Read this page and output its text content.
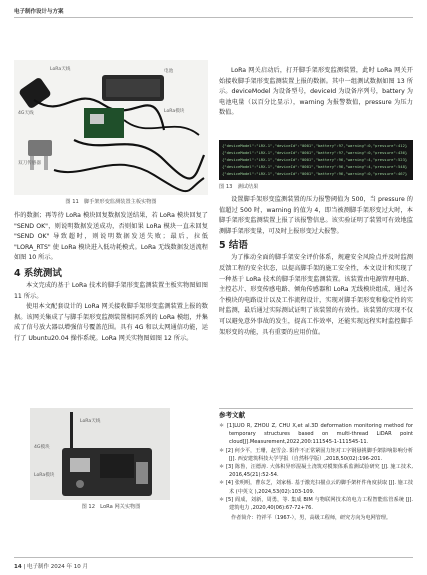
电子制作设计与方案
LoRa天线
4G天线
电池
LoRa模块
双刀传感器
图 11　脚手架形变监测装置主板实物图

作的数据；再等待 LoRa 模块回复数据发送结果，若 LoRa 模块回复了 "SEND OK"，则说明数据发送成功，否则如果 LoRa 模块一直未回复 "SEND OK" 导致超时，则说明数据发送失败；最后，拉低 "LORA_RTS" 使 LoRa 模块进入低功耗模式。LoRa 无线数据发送流程如图 10 所示。

4 系统测试

本文完成的基于 LoRa 技术的脚手架形变监测装置主板实物图如图 11 所示。

使用本文配套设计的 LoRa 网关接收脚手架形变监测装置上报的数据。该网关集成了与脚手架形变监测装置相同系列的 LoRa 模组，并集成了信号放大器以增强信号覆盖范围。具有 4G 和以太网通信功能，运行了 Ubuntu20.04 操作系统。LoRa 网关实物图如图 12 所示。

LoRa天线
4G模块
LoRa模块
图 12　LoRa 网关实物图

LoRa 网关启动后，打开脚手架形变监测装置，此时 LoRa 网关开始接收脚手架形变监测装置上报的数据。其中一组测试数据如图 13 所示。deviceModel 为设备型号，deviceId 为设备序列号，battery 为电池电量（以百分比显示），warning 为报警数值，pressure 为压力数值。

{"deviceModel":"LRX-1","deviceId":"0001","battery":97,"warning":0,"pressure":412}
{"deviceModel":"LRX-1","deviceId":"0001","battery":97,"warning":0,"pressure":436}
{"deviceModel":"LRX-1","deviceId":"0001","battery":96,"warning":4,"pressure":523}
{"deviceModel":"LRX-1","deviceId":"0001","battery":96,"warning":4,"pressure":548}
{"deviceModel":"LRX-1","deviceId":"0001","battery":96,"warning":0,"pressure":467}
图 13　测试结果

设置脚手架形变监测装置的压力报警阈值为 500，当 pressure 的值超过 500 时，warning 的值为 4，即当被测脚手架形变过大时，本脚手架形变监测装置上报了该报警信息。该实验证明了装置可有效地监测脚手架形变量，可及时上报形变过大报警。

5 结语

为了推动全面的脚手架安全评价体系，规避安全风险点并及时监测反馈工程的安全状态，以提高脚手架的施工安全性，本文设计和实现了一种基于 LoRa 技术的脚手架形变监测装置。该装置由电源管理电路、主控芯片、形变传感电路、倾角传感器和 LoRa 无线模块组成，通过各个模块的电路设计以及工作流程设计，实现对脚手架形变和稳定性的实时监测，最后通过实际测试证明了该装置的有效性。该装置的实现不仅可以避免意外事故的发生，提高工作效率，还能实现远程实时监控脚手架形变的功能，具有重要的应用价值。

参考文献

＊ [1]LUO R, ZHOU Z, CHU X,et al.3D deformation monitoring method for temporary structures based on multi-thread LiDAR point cloud[J].Measurement,2022,200:111545-1-111545-11.

＊ [2] 何少平，王珊，赵雪会. 阳作不正常紧固力矩对工字钢悬挑脚手架影响影响分析 [J]. 西安建筑科技大学学报（自然科学版）,2018,50(02):196-201.

＊ [3] 陈鲁，汪德涛. 大体积异形混凝土浇筑对模架体系监测试验研究 [J]. 施工技术, 2016,45(21):52-54.

＊ [4] 张明明，曹东芝，刘家杨. 基于激光扫描点云的脚手架杆件角度获取 [J]. 施工技术 (中英文 ),2024,53(02):103-109.

＊ [5] 阎成，刘新，周勇，等. 集成 BIM 与物联网技术的电力工程智能监管系统 [J]. 建筑电力 ,2020,40(06):67-72+76.

作者简介：符祥平（1967-），男，高级工程师，研究方向为电网管理。

14 | 电子制作 2024 年 10 月
